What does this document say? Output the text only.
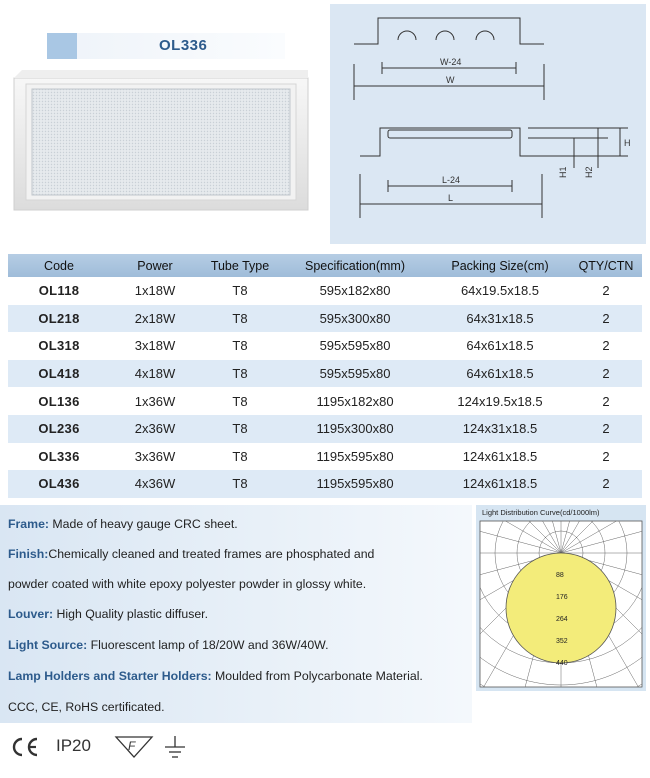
OL336
W-24
W
L-24
L
H
H1 H2
Code	Power	Tube Type	Specification(mm)	Packing Size(cm)	QTY/CTN
OL118	1x18W	T8	595x182x80	64x19.5x18.5	2
OL218	2x18W	T8	595x300x80	64x31x18.5	2
OL318	3x18W	T8	595x595x80	64x61x18.5	2
OL418	4x18W	T8	595x595x80	64x61x18.5	2
OL136	1x36W	T8	1195x182x80	124x19.5x18.5	2
OL236	2x36W	T8	1195x300x80	124x31x18.5	2
OL336	3x36W	T8	1195x595x80	124x61x18.5	2
OL436	4x36W	T8	1195x595x80	124x61x18.5	2
Frame: Made of heavy gauge CRC sheet.
Finish:Chemically cleaned and treated frames are phosphated and
powder coated with white epoxy polyester powder in glossy white.
Louver: High Quality plastic diffuser.
Light Source: Fluorescent lamp of 18/20W and 36W/40W.
Lamp Holders and Starter Holders: Moulded from Polycarbonate Material.
CCC, CE, RoHS certificated.
Light Distribution Curve(cd/1000lm)
88
176
264
352
440
IP20	F
